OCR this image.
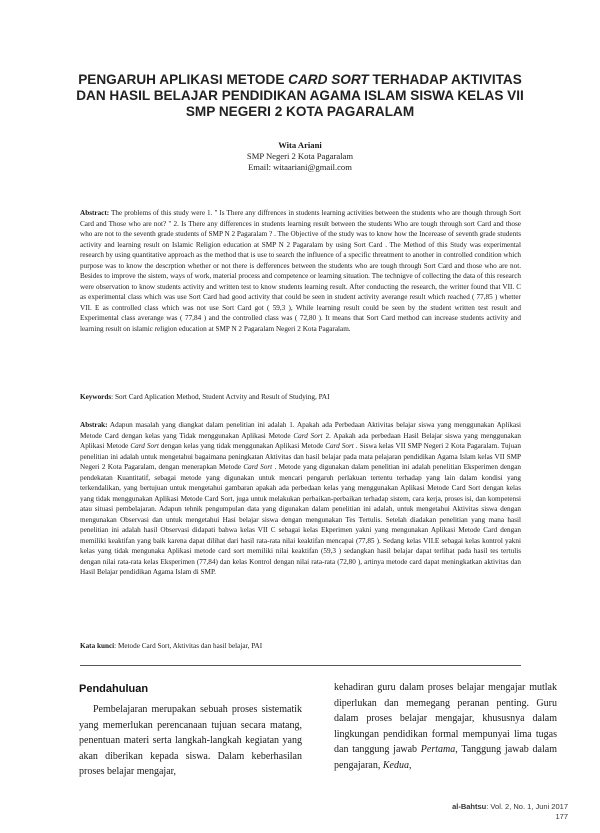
PENGARUH APLIKASI METODE CARD SORT TERHADAP AKTIVITAS
DAN HASIL BELAJAR PENDIDIKAN AGAMA ISLAM SISWA KELAS VII
SMP NEGERI 2 KOTA PAGARALAM
Wita Ariani
SMP Negeri 2 Kota Pagaralam
Email: witaariani@gmail.com
Abstract: The problems of this study were 1. " Is There any diffrences in students learning activities between the students who are though through Sort Card and Those who are not? " 2. Is There any differences in students learning result between the students Who are tough through sort Card and those who are not to the seventh grade students of SMP N 2 Pagaralam ? . The Objective of the study was to know how the Incerease of seventh grade students activity and learning result on Islamic Religion education at SMP N 2 Pagaralam by using Sort Card . The Method of this Study was experimental research by using quantitative approach as the method that is use to search the influence of a specific threatment to another in controlled condition which purpose was to know the descrption whether or not there is defferences between the students who are tough through Sort Card and those who are not. Besides to improve the sistem, ways of work, material process and competence or learning situation. The technigve of collecting the data of this research were observation to know students activity and written test to know students learning result. After conducting the research, the writter found that VII. C as experimental class which was use Sort Card had good activity that could be seen in student activity averange result which reached ( 77,85 ) whetter VII. E as controlled class which was not use Sort Card got ( 59,3 ), While learning result could be seen by the student written test result and Experimental class averange was ( 77,84 ) and the controlled class was ( 72,80 ). It means that Sort Card method can increase students activity and learning result on islamic religion education at SMP N 2 Pagaralam Negeri 2 Kota Pagaralam.
Keywords: Sort Card Aplication Method, Student Actvity and Result of Studying, PAI
Abstrak: Adapun masalah yang diangkat dalam penelitian ini adalah 1. Apakah ada Perbedaan Aktivitas belajar siswa yang menggunakan Aplikasi Metode Card dengan kelas yang Tidak menggunakan Aplikasi Metode Card Sort 2. Apakah ada perbedaan Hasil Belajar siswa yang menggunakan Aplikasi Metode Card Sort dengan kelas yang tidak menggunakan Aplikasi Metode Card Sort . Siswa kelas VII SMP Negeri 2 Kota Pagaralam. Tujuan penelitian ini adalah untuk mengetahui bagaimana peningkatan Aktivitas dan hasil belajar pada mata pelajaran pendidikan Agama Islam kelas VII SMP Negeri 2 Kota Pagaralam, dengan menerapkan Metode Card Sort . Metode yang digunakan dalam penelitian ini adalah penelitian Eksperimen dengan pendekatan Kuantitatif, sebagai metode yang digunakan untuk mencari pengaruh perlakuan tertentu terhadap yang lain dalam kondisi yang terkendalikan, yang bertujuan untuk mengetahui gambaran apakah ada perbedaan kelas yang menggunakan Aplikasi Metode Card Sort dengan kelas yang tidak menggunakan Aplikasi Metode Card Sort, juga untuk melakukan perbaikan-perbaikan terhadap sistem, cara kerja, proses isi, dan kompetensi atau situasi pembelajaran. Adapun tehnik pengumpulan data yang digunakan dalam penelitian ini adalah, untuk mengetahui Aktivitas siswa dengan mengunakan Observasi dan untuk mengetahui Hasi belajar siswa dengan mengunakan Tes Tertulis. Setelah diadakan penelitian yang mana hasil penelitian ini adalah hasil Observasi didapati bahwa kelas VII C sebagai kelas Ekperimen yakni yang mengunakan Aplikasi Metode Card dengan memiliki keaktifan yang baik karena dapat dilihat dari hasil rata-rata nilai keaktifan mencapai (77,85 ). Sedang kelas VII.E sebagai kelas kontrol yakni kelas yang tidak mengunaka Aplikasi metode card sort memiliki nilai keaktifan (59,3 ) sedangkan hasil belajar dapat terlihat pada hasil tes tertulis dengan nilai rata-rata kelas Eksperimen (77,84) dan kelas Kontrol dengan nilai rata-rata (72,80 ), artinya metode card dapat meningkatkan aktivitas dan Hasil Belajar pendidikan Agama Islam di SMP.
Kata kunci: Metode Card Sort, Aktivitas dan hasil belajar, PAI
Pendahuluan

Pembelajaran merupakan sebuah proses sistematik yang memerlukan perencanaan tujuan secara matang, penentuan materi serta langkah-langkah kegiatan yang akan diberikan kepada siswa. Dalam keberhasilan proses belajar mengajar,

kehadiran guru dalam proses belajar mengajar mutlak diperlukan dan memegang peranan penting. Guru dalam proses belajar mengajar, khususnya dalam lingkungan pendidikan formal mempunyai lima tugas dan tanggung jawab Pertama, Tanggung jawab dalam pengajaran, Kedua,

al-Bahtsu: Vol. 2, No. 1, Juni 2017
177
